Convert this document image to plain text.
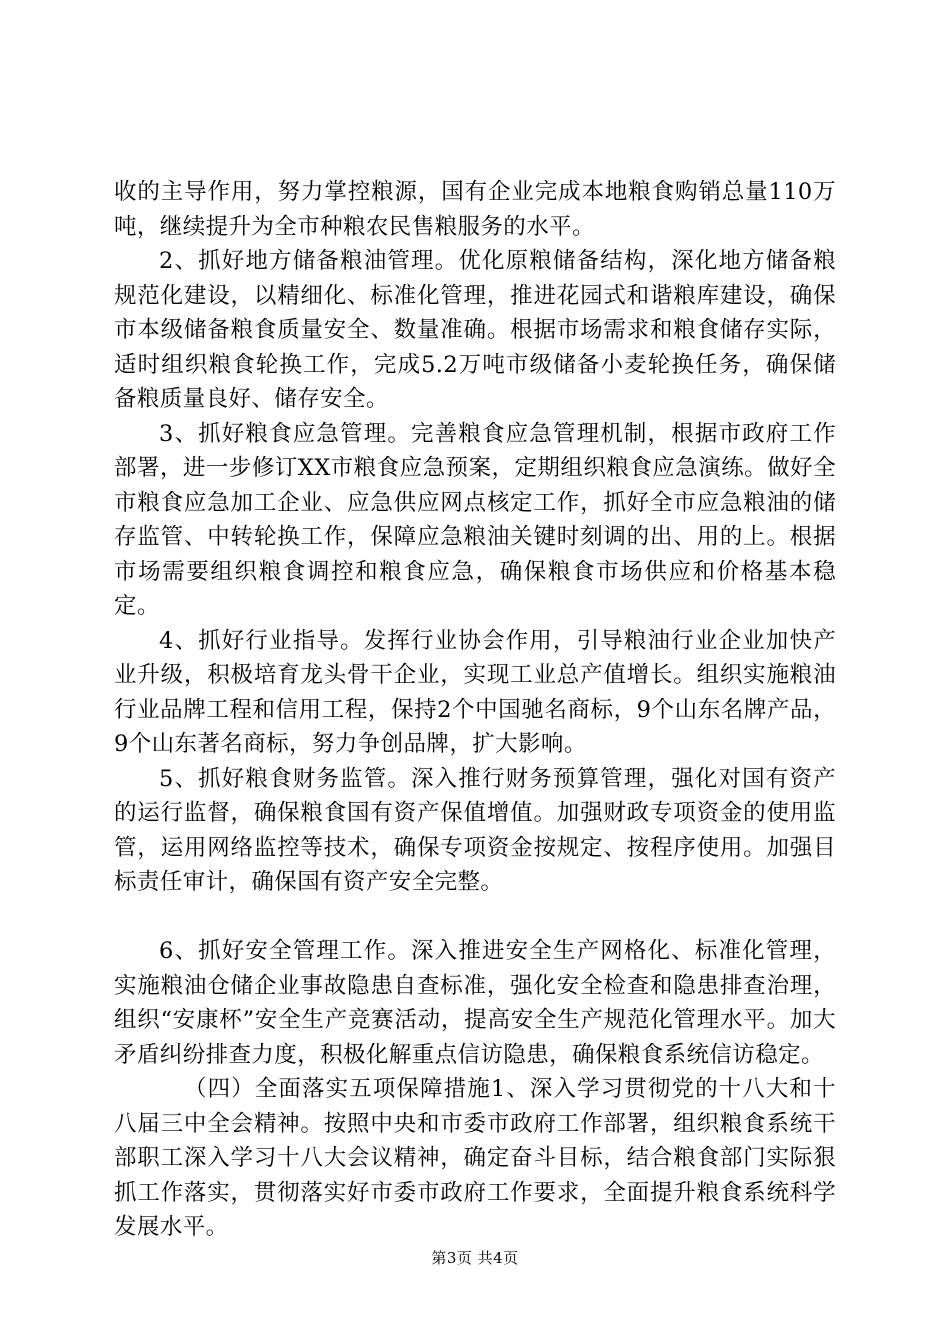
收的主导作用，努力掌控粮源，国有企业完成本地粮食购销总量110万吨，继续提升为全市种粮农民售粮服务的水平。

2、抓好地方储备粮油管理。优化原粮储备结构，深化地方储备粮规范化建设，以精细化、标准化管理，推进花园式和谐粮库建设，确保市本级储备粮食质量安全、数量准确。根据市场需求和粮食储存实际，适时组织粮食轮换工作，完成5.2万吨市级储备小麦轮换任务，确保储备粮质量良好、储存安全。

3、抓好粮食应急管理。完善粮食应急管理机制，根据市政府工作部署，进一步修订XX市粮食应急预案，定期组织粮食应急演练。做好全市粮食应急加工企业、应急供应网点核定工作，抓好全市应急粮油的储存监管、中转轮换工作，保障应急粮油关键时刻调的出、用的上。根据市场需要组织粮食调控和粮食应急，确保粮食市场供应和价格基本稳定。

4、抓好行业指导。发挥行业协会作用，引导粮油行业企业加快产业升级，积极培育龙头骨干企业，实现工业总产值增长。组织实施粮油行业品牌工程和信用工程，保持2个中国驰名商标，9个山东名牌产品，9个山东著名商标，努力争创品牌，扩大影响。

5、抓好粮食财务监管。深入推行财务预算管理，强化对国有资产的运行监督，确保粮食国有资产保值增值。加强财政专项资金的使用监管，运用网络监控等技术，确保专项资金按规定、按程序使用。加强目标责任审计，确保国有资产安全完整。

6、抓好安全管理工作。深入推进安全生产网格化、标准化管理，实施粮油仓储企业事故隐患自查标准，强化安全检查和隐患排查治理，组织“安康杯”安全生产竞赛活动，提高安全生产规范化管理水平。加大矛盾纠纷排查力度，积极化解重点信访隐患，确保粮食系统信访稳定。

（四）全面落实五项保障措施1、深入学习贯彻党的十八大和十八届三中全会精神。按照中央和市委市政府工作部署，组织粮食系统干部职工深入学习十八大会议精神，确定奋斗目标，结合粮食部门实际狠抓工作落实，贯彻落实好市委市政府工作要求，全面提升粮食系统科学发展水平。

第3页 共4页
